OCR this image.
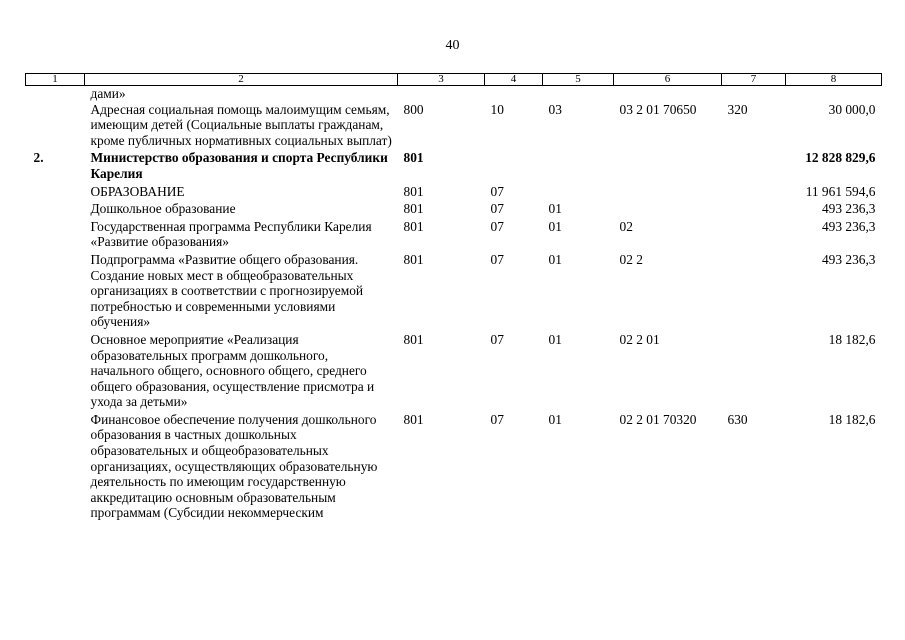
40
1	2	3	4	5	6	7	8
	дами»						
	Адресная социальная помощь малоимущим семьям, имеющим детей (Социальные выплаты гражданам, кроме публичных нормативных социальных выплат)	800	10	03	03 2 01 70650	320	30 000,0
2.	Министерство образования и спорта Республики Карелия	801					12 828 829,6
	ОБРАЗОВАНИЕ	801	07				11 961 594,6
	Дошкольное образование	801	07	01			493 236,3
	Государственная программа Республики Карелия «Развитие образования»	801	07	01	02		493 236,3
	Подпрограмма «Развитие общего образования. Создание новых мест в общеобразовательных организациях в соответствии с прогнозируемой потребностью и современными условиями обучения»	801	07	01	02 2		493 236,3
	Основное мероприятие «Реализация образовательных программ дошкольного, начального общего, основного общего, среднего общего образования, осуществление присмотра и ухода за детьми»	801	07	01	02 2 01		18 182,6
	Финансовое обеспечение получения дошкольного образования в частных дошкольных образовательных и общеобразовательных организациях, осуществляющих образовательную деятельность по имеющим государственную аккредитацию основным образовательным программам (Субсидии некоммерческим	801	07	01	02 2 01 70320	630	18 182,6
